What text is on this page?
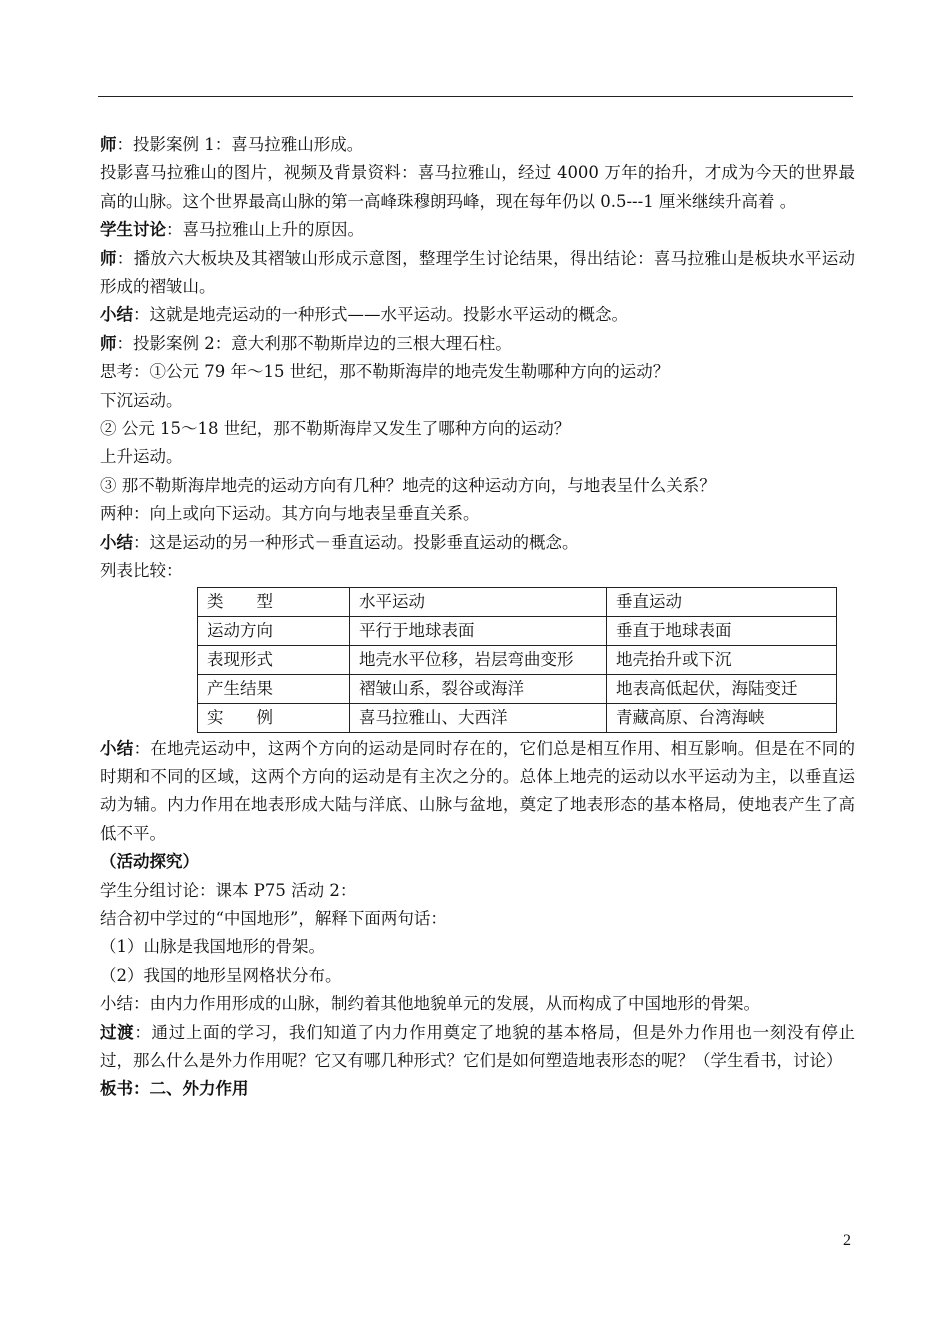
师：投影案例 1：喜马拉雅山形成。

投影喜马拉雅山的图片，视频及背景资料：喜马拉雅山，经过 4000 万年的抬升，才成为今天的世界最高的山脉。这个世界最高山脉的第一高峰珠穆朗玛峰，现在每年仍以 0.5---1 厘米继续升高着 。

学生讨论：喜马拉雅山上升的原因。

师：播放六大板块及其褶皱山形成示意图，整理学生讨论结果，得出结论：喜马拉雅山是板块水平运动形成的褶皱山。

小结：这就是地壳运动的一种形式——水平运动。投影水平运动的概念。

师：投影案例 2：意大利那不勒斯岸边的三根大理石柱。

思考：①公元 79 年～15 世纪，那不勒斯海岸的地壳发生勒哪种方向的运动？

下沉运动。

② 公元 15～18 世纪，那不勒斯海岸又发生了哪种方向的运动？

上升运动。

③ 那不勒斯海岸地壳的运动方向有几种？地壳的这种运动方向，与地表呈什么关系？

两种：向上或向下运动。其方向与地表呈垂直关系。

小结：这是运动的另一种形式－垂直运动。投影垂直运动的概念。

列表比较：

类　　型	水平运动	垂直运动
运动方向	平行于地球表面	垂直于地球表面
表现形式	地壳水平位移，岩层弯曲变形	地壳抬升或下沉
产生结果	褶皱山系，裂谷或海洋	地表高低起伏，海陆变迁
实　　例	喜马拉雅山、大西洋	青藏高原、台湾海峡

小结：在地壳运动中，这两个方向的运动是同时存在的，它们总是相互作用、相互影响。但是在不同的时期和不同的区域，这两个方向的运动是有主次之分的。总体上地壳的运动以水平运动为主，以垂直运动为辅。内力作用在地表形成大陆与洋底、山脉与盆地，奠定了地表形态的基本格局，使地表产生了高低不平。

（活动探究）

学生分组讨论：课本 P75 活动 2：

结合初中学过的“中国地形”，解释下面两句话：

（1）山脉是我国地形的骨架。

（2）我国的地形呈网格状分布。

小结：由内力作用形成的山脉，制约着其他地貌单元的发展，从而构成了中国地形的骨架。

过渡：通过上面的学习，我们知道了内力作用奠定了地貌的基本格局，但是外力作用也一刻没有停止过，那么什么是外力作用呢？它又有哪几种形式？它们是如何塑造地表形态的呢？（学生看书，讨论）

板书：二、外力作用

2
